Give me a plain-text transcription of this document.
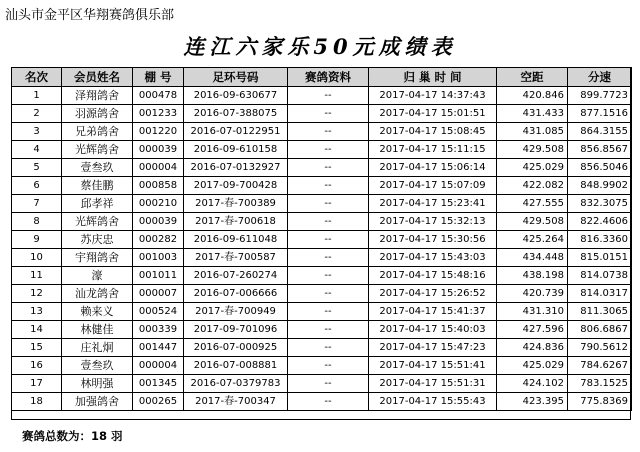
汕头市金平区华翔赛鸽俱乐部
连江六家乐50元成绩表
名次	会员姓名	棚 号	足环号码	赛鸽资料	归 巢 时 间	空距	分速
1	泽翔鸽舍	000478	2016-09-630677	--	2017-04-17 14:37:43	420.846	899.7723
2	羽源鸽舍	001233	2016-07-388075	--	2017-04-17 15:01:51	431.433	877.1516
3	兄弟鸽舍	001220	2016-07-0122951	--	2017-04-17 15:08:45	431.085	864.3155
4	光辉鸽舍	000039	2016-09-610158	--	2017-04-17 15:11:15	429.508	856.8567
5	壹叁玖	000004	2016-07-0132927	--	2017-04-17 15:06:14	425.029	856.5046
6	蔡佳鹏	000858	2017-09-700428	--	2017-04-17 15:07:09	422.082	848.9902
7	邱孝祥	000210	2017-春-700389	--	2017-04-17 15:23:41	427.555	832.3075
8	光辉鸽舍	000039	2017-春-700618	--	2017-04-17 15:32:13	429.508	822.4606
9	苏庆忠	000282	2016-09-611048	--	2017-04-17 15:30:56	425.264	816.3360
10	宇翔鸽舍	001003	2017-春-700587	--	2017-04-17 15:43:03	434.448	815.0151
11	濠	001011	2016-07-260274	--	2017-04-17 15:48:16	438.198	814.0738
12	汕龙鸽舍	000007	2016-07-006666	--	2017-04-17 15:26:52	420.739	814.0317
13	赖来义	000524	2017-春-700949	--	2017-04-17 15:41:37	431.310	811.3065
14	林健佳	000339	2017-09-701096	--	2017-04-17 15:40:03	427.596	806.6867
15	庄礼炯	001447	2016-07-000925	--	2017-04-17 15:47:23	424.836	790.5612
16	壹叁玖	000004	2016-07-008881	--	2017-04-17 15:51:41	425.029	784.6267
17	林明强	001345	2016-07-0379783	--	2017-04-17 15:51:31	424.102	783.1525
18	加强鸽舍	000265	2017-春-700347	--	2017-04-17 15:55:43	423.395	775.8369
赛鸽总数为：18 羽
